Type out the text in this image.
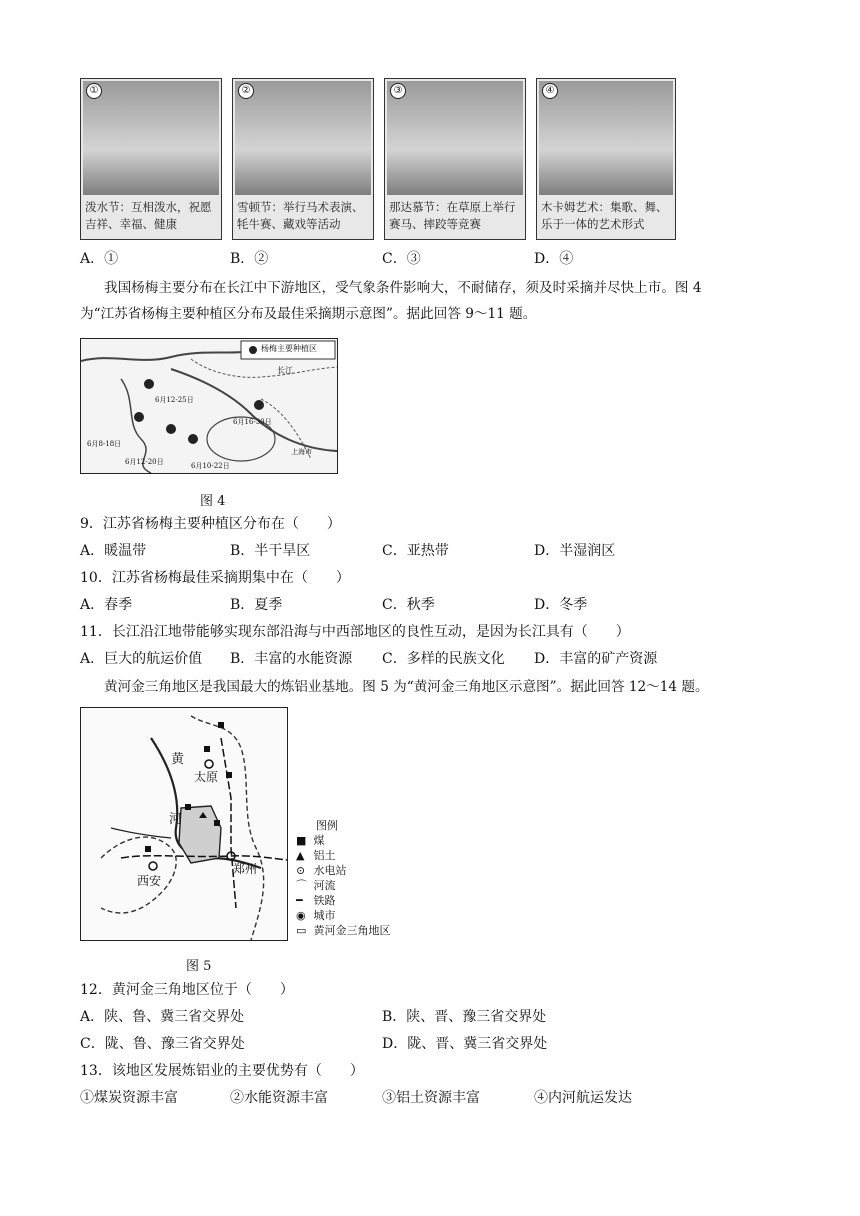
①
泼水节：互相泼水，祝愿吉祥、幸福、健康
②
雪顿节：举行马术表演、牦牛赛、藏戏等活动
③
那达慕节：在草原上举行赛马、摔跤等竞赛
④
木卡姆艺术：集歌、舞、乐于一体的艺术形式
A．①	B．②	C．③	D．④
我国杨梅主要分布在长江中下游地区，受气象条件影响大，不耐储存，须及时采摘并尽快上市。图 4
为“江苏省杨梅主要种植区分布及最佳采摘期示意图”。据此回答 9～11 题。
杨梅主要种植区
长江
6月12-25日
6月16-30日
6月8-18日
6月12-20日	6月10-22日
上海市
图 4
9．江苏省杨梅主要种植区分布在（　　）
A．暖温带	B．半干旱区	C．亚热带	D．半湿润区
10．江苏省杨梅最佳采摘期集中在（　　）
A．春季	B．夏季	C．秋季	D．冬季
11．长江沿江地带能够实现东部沿海与中西部地区的良性互动，是因为长江具有（　　）
A．巨大的航运价值 B．丰富的水能资源 C．多样的民族文化 D．丰富的矿产资源
黄河金三角地区是我国最大的炼铝业基地。图 5 为“黄河金三角地区示意图”。据此回答 12～14 题。
黄
太原
河
西安
郑州
图例
■ 煤
▲ 铝土
⊙ 水电站
⌒ 河流
━ 铁路
◉ 城市
▭ 黄河金三角地区
图 5
12．黄河金三角地区位于（　　）
A．陕、鲁、冀三省交界处	B．陕、晋、豫三省交界处
C．陇、鲁、豫三省交界处	D．陇、晋、冀三省交界处
13．该地区发展炼铝业的主要优势有（　　）
①煤炭资源丰富	②水能资源丰富	③铝土资源丰富	④内河航运发达
